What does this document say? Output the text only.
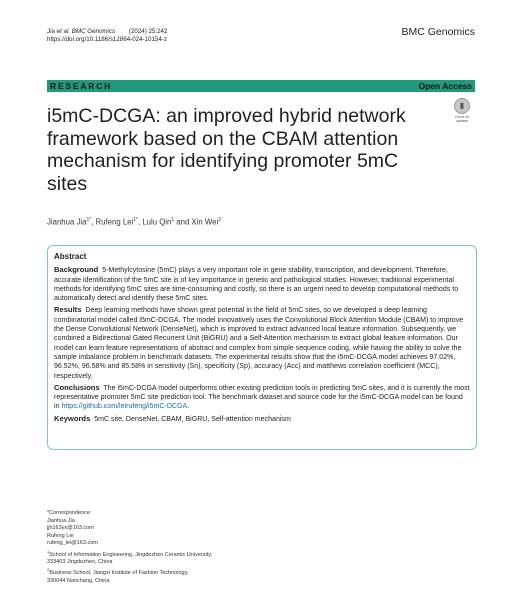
Jia et al. BMC Genomics (2024) 25:242
https://doi.org/10.1186/s12864-024-10154-z
BMC Genomics
RESEARCH	Open Access
i5mC-DCGA: an improved hybrid network framework based on the CBAM attention mechanism for identifying promoter 5mC sites
▮
Check for updates
Jianhua Jia$^{1*}$, Rufeng Lei$^{1*}$, Lulu Qin$^1$ and Xin Wei$^2$
Abstract

Background 5-Methylcytosine (5mC) plays a very important role in gene stability, transcription, and development. Therefore, accurate identification of the 5mC site is of key importance in genetic and pathological studies. However, traditional experimental methods for identifying 5mC sites are time-consuming and costly, so there is an urgent need to develop computational methods to automatically detect and identify these 5mC sites.

Results Deep learning methods have shown great potential in the field of 5mC sites, so we developed a deep learning combinatorial model called i5mC-DCGA. The model innovatively uses the Convolutional Block Attention Module (CBAM) to improve the Dense Convolutional Network (DenseNet), which is improved to extract advanced local feature information. Subsequently, we combined a Bidirectional Gated Recurrent Unit (BiGRU) and a Self-Attention mechanism to extract global feature information. Our model can learn feature representations of abstract and complex from simple sequence coding, while having the ability to solve the sample imbalance problem in benchmark datasets. The experimental results show that the i5mC-DCGA model achieves 97.02%, 96.52%, 96.58% and 85.58% in sensitivity (Sn), specificity (Sp), accuracy (Acc) and matthews correlation coefficient (MCC), respectively.

Conclusions The i5mC-DCGA model outperforms other existing prediction tools in predicting 5mC sites, and it is currently the most representative promoter 5mC site prediction tool. The benchmark dataset and source code for the i5mC-DCGA model can be found in https://github.com/leirufeng/i5mC-DCGA.

Keywords 5mC site, DenseNet, CBAM, BiGRU, Self-attention mechanism

*Correspondence:
Jianhua Jia
jjh163yx@163.com
Rufeng Lei
rufeng_lei@163.com
$^1$School of Information Engineering, Jingdezhen Ceramic University,
333403 Jingdezhen, China
$^2$Business School, Jiangxi Institute of Fashion Technology,
330044 Nanchang, China
